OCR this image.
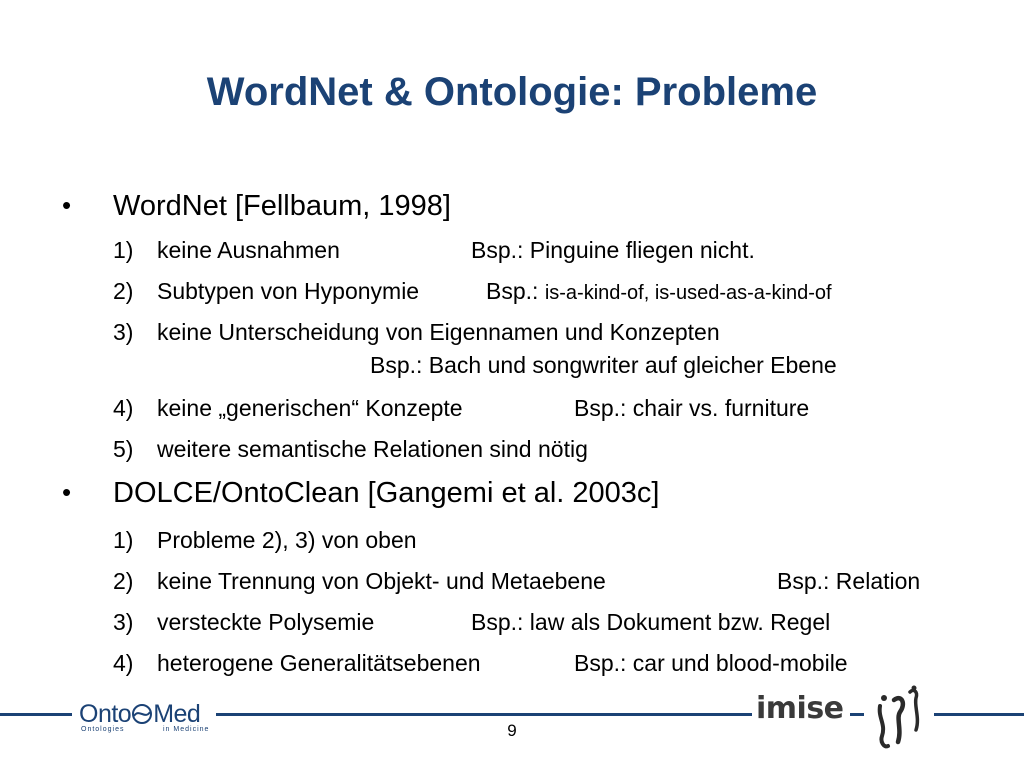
WordNet & Ontologie: Probleme
• WordNet [Fellbaum, 1998]
1) keine Ausnahmen	Bsp.: Pinguine fliegen nicht.
2) Subtypen von Hyponymie	Bsp.: is-a-kind-of, is-used-as-a-kind-of
3) keine Unterscheidung von Eigennamen und Konzepten
Bsp.: Bach und songwriter auf gleicher Ebene
4) keine „generischen“ Konzepte	Bsp.: chair vs. furniture
5) weitere semantische Relationen sind nötig
• DOLCE/OntoClean [Gangemi et al. 2003c]
1) Probleme 2), 3) von oben
2) keine Trennung von Objekt- und Metaebene	Bsp.: Relation
3) versteckte Polysemie	Bsp.: law als Dokument bzw. Regel
4) heterogene Generalitätsebenen	Bsp.: car und blood-mobile
Onto Med
Ontologies	in Medicine
imise
9
